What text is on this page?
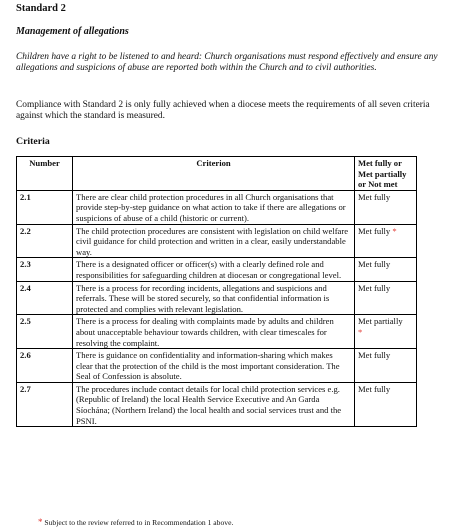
Standard 2
Management of allegations
Children have a right to be listened to and heard: Church organisations must respond effectively and ensure any allegations and suspicions of abuse are reported both within the Church and to civil authorities.
Compliance with Standard 2 is only fully achieved when a diocese meets the requirements of all seven criteria against which the standard is measured.
Criteria
Number	Criterion	Met fully or Met partially or Not met
2.1	There are clear child protection procedures in all Church organisations that provide step-by-step guidance on what action to take if there are allegations or suspicions of abuse of a child (historic or current).	Met fully
2.2	The child protection procedures are consistent with legislation on child welfare civil guidance for child protection and written in a clear, easily understandable way.	Met fully *
2.3	There is a designated officer or officer(s) with a clearly defined role and responsibilities for safeguarding children at diocesan or congregational level.	Met fully
2.4	There is a process for recording incidents, allegations and suspicions and referrals. These will be stored securely, so that confidential information is protected and complies with relevant legislation.	Met fully
2.5	There is a process for dealing with complaints made by adults and children about unacceptable behaviour towards children, with clear timescales for resolving the complaint.	Met partially
*
2.6	There is guidance on confidentiality and information-sharing which makes clear that the protection of the child is the most important consideration. The Seal of Confession is absolute.	Met fully
2.7	The procedures include contact details for local child protection services e.g. (Republic of Ireland) the local Health Service Executive and An Garda Síochána; (Northern Ireland) the local health and social services trust and the PSNI.	Met fully
* Subject to the review referred to in Recommendation 1 above.
